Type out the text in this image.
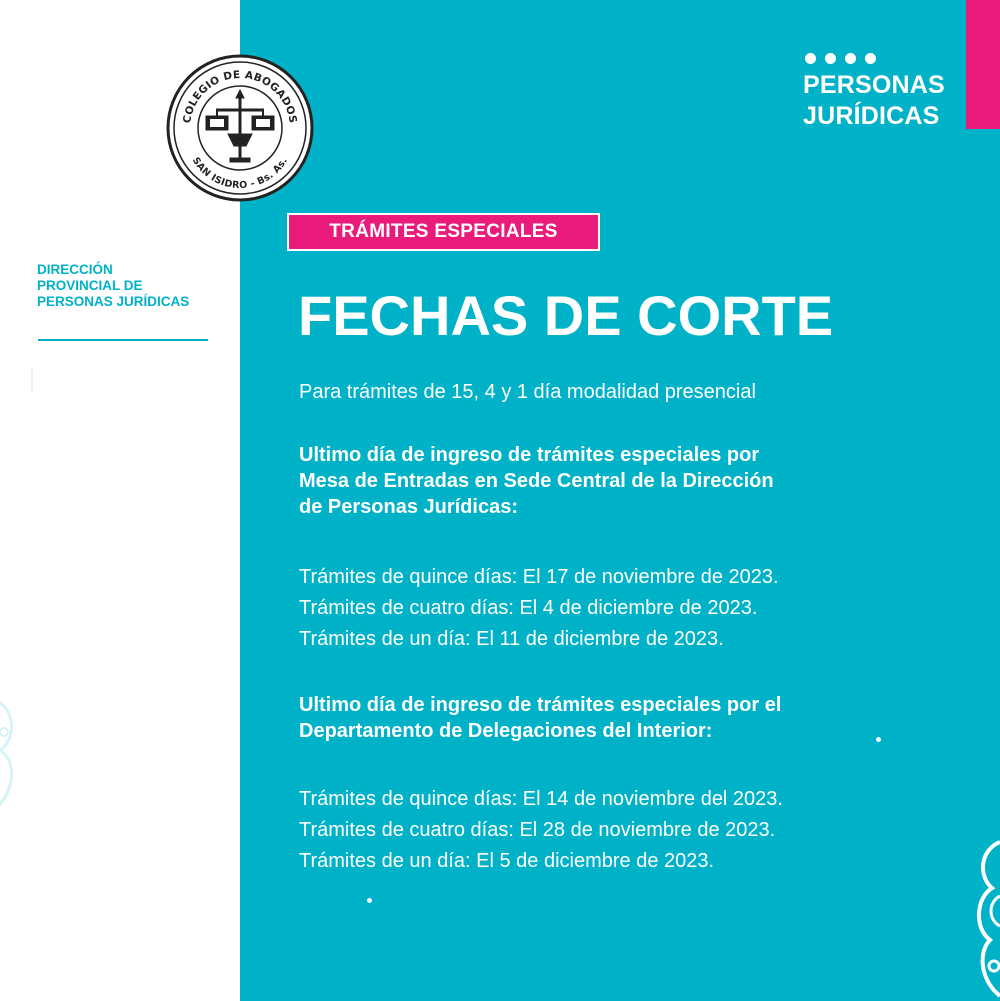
COLEGIO DE ABOGADOS
SAN ISIDRO - Bs. As.
DIRECCIÓN
PROVINCIAL DE
PERSONAS JURÍDICAS
PERSONAS
JURÍDICAS
TRÁMITES ESPECIALES
FECHAS DE CORTE
Para trámites de 15, 4 y 1 día modalidad presencial
Ultimo día de ingreso de trámites especiales por
Mesa de Entradas en Sede Central de la Dirección
de Personas Jurídicas:
Trámites de quince días: El 17 de noviembre de 2023.
Trámites de cuatro días: El 4 de diciembre de 2023.
Trámites de un día: El 11 de diciembre de 2023.
Ultimo día de ingreso de trámites especiales por el
Departamento de Delegaciones del Interior:
Trámites de quince días: El 14 de noviembre del 2023.
Trámites de cuatro días: El 28 de noviembre de 2023.
Trámites de un día: El 5 de diciembre de 2023.
